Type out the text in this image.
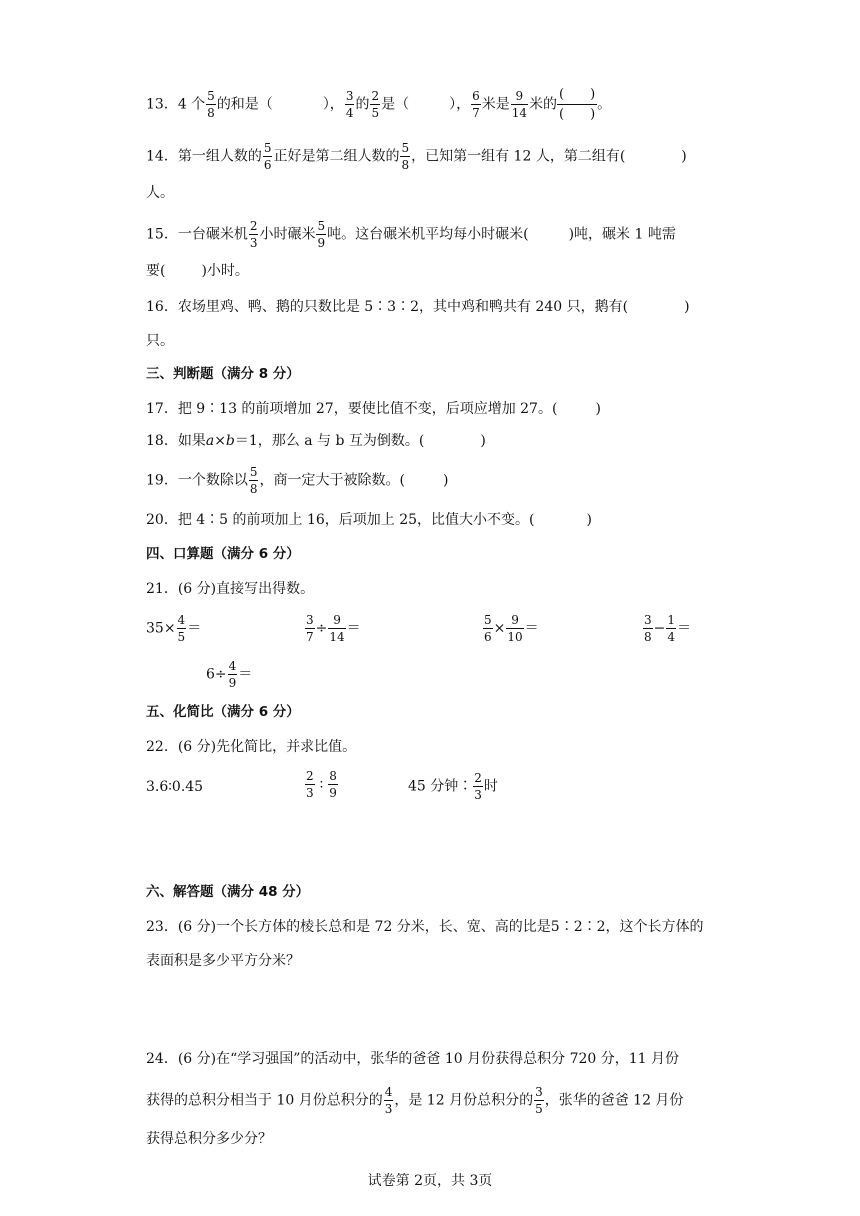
13．4 个 $\frac{5}{8}$ 的和是（	）， $\frac{3}{4}$ 的 $\frac{2}{5}$ 是（	）， $\frac{6}{7}$ 米是 $\frac{9}{14}$ 米的 $\frac{( )}{( )}$ 。
14．第一组人数的 $\frac{5}{6}$ 正好是第二组人数的 $\frac{5}{8}$ ，已知第一组有 12 人，第二组有(	)
人。
15．一台碾米机 $\frac{2}{3}$ 小时碾米 $\frac{5}{9}$ 吨。这台碾米机平均每小时碾米(	)吨，碾米 1 吨需
要(	)小时。
16．农场里鸡、鸭、鹅的只数比是 5∶3∶2，其中鸡和鸭共有 240 只，鹅有(	)
只。
三、判断题（满分 8 分）
17．把 9∶13 的前项增加 27，要使比值不变，后项应增加 27。(	)
18．如果a×b＝1，那么 a 与 b 互为倒数。(	)
19．一个数除以 $\frac{5}{8}$ ，商一定大于被除数。(	)
20．把 4∶5 的前项加上 16，后项加上 25，比值大小不变。(	)
四、口算题（满分 6 分）
21．(6 分)直接写出得数。
$35\times \frac{4}{5}$ ＝	$\frac{3}{7} \div \frac{9}{14}$ ＝	$\frac{5}{6} \times \frac{9}{10}$ ＝	$\frac{3}{8} - \frac{1}{4}$ ＝
$6\div \frac{4}{9}$ ＝
五、化简比（满分 6 分）
22．(6 分)先化简比，并求比值。
3.6∶0.45	$\frac{2}{3}$ ∶ $\frac{8}{9}$	45 分钟∶ $\frac{2}{3}$ 时
六、解答题（满分 48 分）
23．(6 分)一个长方体的棱长总和是 72 分米，长、宽、高的比是5∶2∶2，这个长方体的
表面积是多少平方分米？
24．(6 分)在“学习强国”的活动中，张华的爸爸 10 月份获得总积分 720 分，11 月份
获得的总积分相当于 10 月份总积分的 $\frac{4}{3}$ ，是 12 月份总积分的 $\frac{3}{5}$ ，张华的爸爸 12 月份
获得总积分多少分？
试卷第 2页，共 3页
